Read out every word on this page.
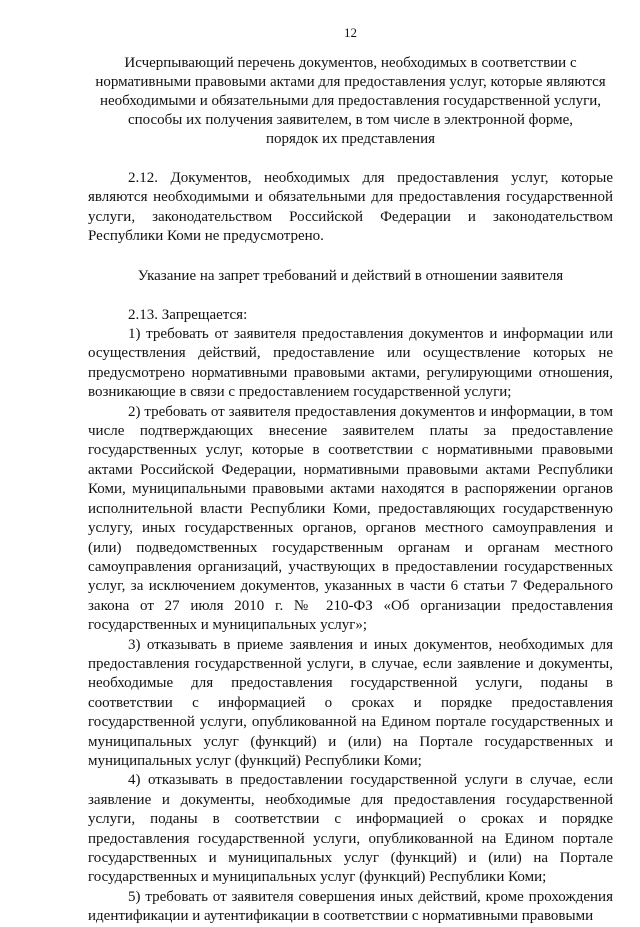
12

Исчерпывающий перечень документов, необходимых в соответствии с

нормативными правовыми актами для предоставления услуг, которые являются

необходимыми и обязательными для предоставления государственной услуги,

способы их получения заявителем, в том числе в электронной форме,

порядок их представления

2.12. Документов, необходимых для предоставления услуг, которые являются необходимыми и обязательными для предоставления государственной услуги, законодательством Российской Федерации и законодательством Республики Коми не предусмотрено.

Указание на запрет требований и действий в отношении заявителя

2.13. Запрещается:

1) требовать от заявителя предоставления документов и информации или осуществления действий, предоставление или осуществление которых не предусмотрено нормативными правовыми актами, регулирующими отношения, возникающие в связи с предоставлением государственной услуги;

2) требовать от заявителя предоставления документов и информации, в том числе подтверждающих внесение заявителем платы за предоставление государственных услуг, которые в соответствии с нормативными правовыми актами Российской Федерации, нормативными правовыми актами Республики Коми, муниципальными правовыми актами находятся в распоряжении органов исполнительной власти Республики Коми, предоставляющих государственную услугу, иных государственных органов, органов местного самоуправления и (или) подведомственных государственным органам и органам местного самоуправления организаций, участвующих в предоставлении государственных услуг, за исключением документов, указанных в части 6 статьи 7 Федерального закона от 27 июля 2010 г. № 210-ФЗ «Об организации предоставления государственных и муниципальных услуг»;

3) отказывать в приеме заявления и иных документов, необходимых для предоставления государственной услуги, в случае, если заявление и документы, необходимые для предоставления государственной услуги, поданы в соответствии с информацией о сроках и порядке предоставления государственной услуги, опубликованной на Едином портале государственных и муниципальных услуг (функций) и (или) на Портале государственных и муниципальных услуг (функций) Республики Коми;

4) отказывать в предоставлении государственной услуги в случае, если заявление и документы, необходимые для предоставления государственной услуги, поданы в соответствии с информацией о сроках и порядке предоставления государственной услуги, опубликованной на Едином портале государственных и муниципальных услуг (функций) и (или) на Портале государственных и муниципальных услуг (функций) Республики Коми;

5) требовать от заявителя совершения иных действий, кроме прохождения идентификации и аутентификации в соответствии с нормативными правовыми
